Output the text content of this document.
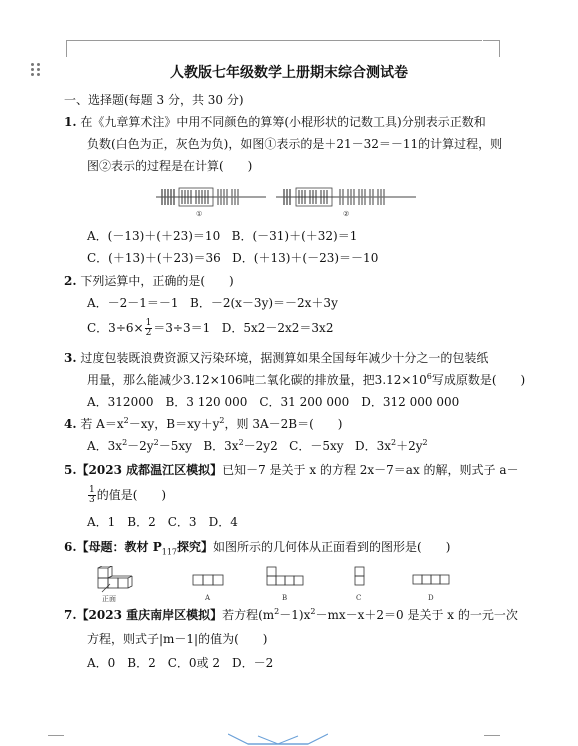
人教版七年级数学上册期末综合测试卷
一、选择题(每题 3 分，共 30 分)
1. 在《九章算术注》中用不同颜色的算筹(小棍形状的记数工具)分别表示正数和
负数(白色为正，灰色为负)，如图①表示的是＋21－32＝－11的计算过程，则
图②表示的过程是在计算(　　)
①	②
A．(－13)＋(＋23)＝10 B．(－31)＋(＋32)＝1
C．(＋13)＋(＋23)＝36 D．(＋13)＋(－23)＝－10
2. 下列运算中，正确的是(　　)
A．－2－1＝－1 B．－2(x－3y)＝－2x＋3y
C．$3\div 6\times \frac{1}{2} =3\div 3=1$ D．5x2－2x2＝3x2
3. 过度包装既浪费资源又污染环境，据测算如果全国每年减少十分之一的包装纸
用量，那么能减少3.12×106吨二氧化碳的排放量，把$3.12\times 10^6$写成原数是(　　)
A．312000　B．3 120 000　C．31 200 000　D．312 000 000
4. 若 $A=x^2-xy$，$B=xy+y^2$，则 3A－2B＝(　　)
A．$3x^2-2y^2-5xy$ B．$3x^2-2y2$ C．－5xy D．$3x^2+2y^2$
5.【2023 成都温江区模拟】已知－7 是关于 x 的方程 2x－7＝ax 的解，则式子 a－
$\frac{1}{3}$ 的值是(　　)
A．1　B．2　C．3　D．4
6.【母题：教材 $P_{117}$探究】如图所示的几何体从正面看到的图形是(　　)
正面	A	B	C	D
7.【2023 重庆南岸区模拟】若方程$(m^2-1)x^2-mx-x+2=0$ 是关于 x 的一元一次
方程，则式子|m－1|的值为(　　)
A．0　B．2　C．0或 2　D．－2
